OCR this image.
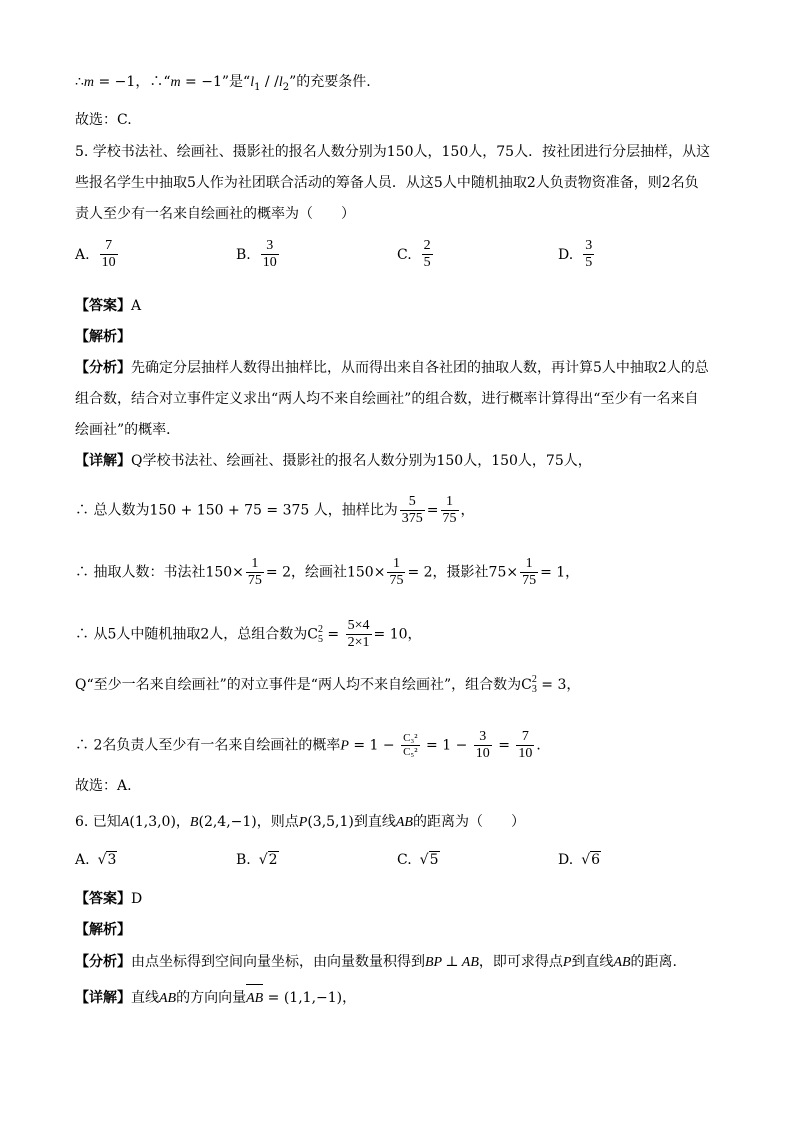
∴m = −1，∴“m = −1”是“$l_1 / /l_2$”的充要条件.
故选：C.
5. 学校书法社、绘画社、摄影社的报名人数分别为150人，150人，75人．按社团进行分层抽样，从这
些报名学生中抽取5人作为社团联合活动的筹备人员．从这5人中随机抽取2人负责物资准备，则2名负
责人至少有一名来自绘画社的概率为（　　）
A. $\frac{7}{10}$	B. $\frac{3}{10}$	C. $\frac{2}{5}$	D. $\frac{3}{5}$
【答案】A
【解析】
【分析】先确定分层抽样人数得出抽样比，从而得出来自各社团的抽取人数，再计算5人中抽取2人的总
组合数，结合对立事件定义求出“两人均不来自绘画社”的组合数，进行概率计算得出“至少有一名来自
绘画社”的概率．
【详解】Q学校书法社、绘画社、摄影社的报名人数分别为150人，150人，75人，
∴ 总人数为150 + 150 + 75 = 375 人，抽样比为 $\frac{5}{375} = \frac{1}{75}$ ，
∴ 抽取人数：书法社$150\times \frac{1}{75} = 2$，绘画社$150\times \frac{1}{75} = 2$，摄影社$75\times \frac{1}{75} = 1$，
∴ 从5人中随机抽取2人，总组合数为C 2
$5 = \frac{5\times 4}{2\times 1} = 10$，
Q“至少一名来自绘画社”的对立事件是“两人均不来自绘画社”，组合数为C 2
3 = 3，
∴ 2名负责人至少有一名来自绘画社的概率$P = 1 - \frac{\text{C₃²}}{\text{C₅²}} = 1 - \frac{3}{10} = \frac{7}{10}$ ．
故选：A.
6. 已知A(1,3,0)，B(2,4,−1)，则点P(3,5,1)到直线AB的距离为（　　）
A. √3	B. √2	C. √5	D. √6
【答案】D
【解析】
【分析】由点坐标得到空间向量坐标，由向量数量积得到BP ⊥ AB，即可求得点P到直线AB的距离.
【详解】直线AB的方向向量
AB = (1,1,−1)，
